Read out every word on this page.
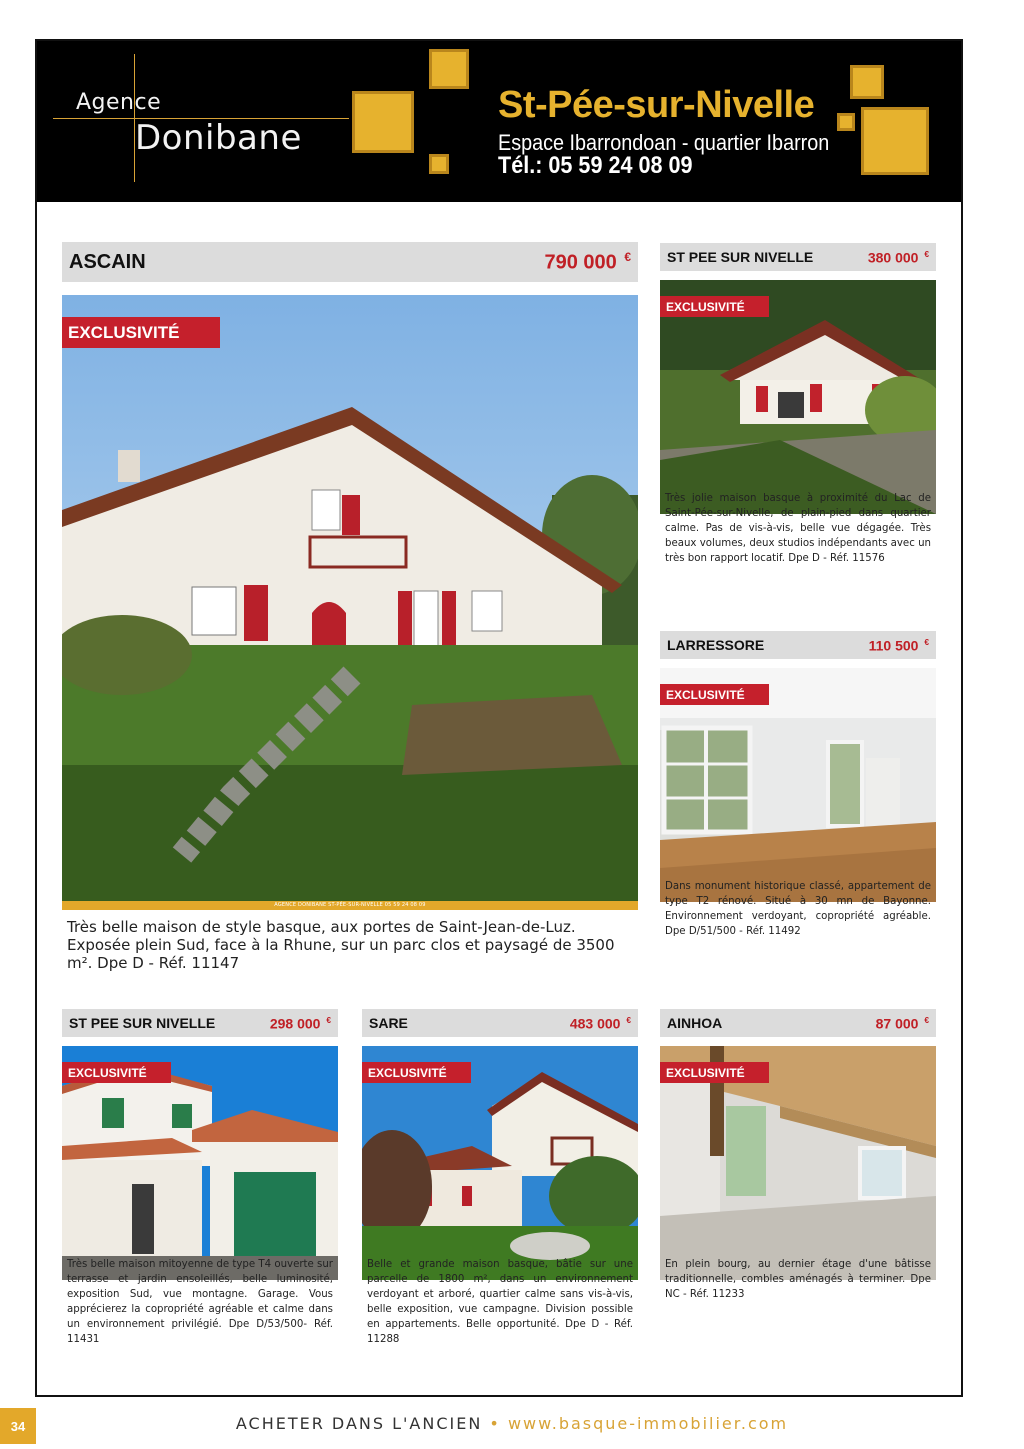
Agence
Donibane
St-Pée-sur-Nivelle
Espace Ibarrondoan - quartier Ibarron
Tél.: 05 59 24 08 09
ASCAIN	790 000 €
EXCLUSIVITÉ
AGENCE DONIBANE ST-PÉE-SUR-NIVELLE 05 59 24 08 09
Très belle maison de style basque, aux portes de Saint-Jean-de-Luz. Exposée plein Sud, face à la Rhune, sur un parc clos et paysagé de 3500 m². Dpe D - Réf. 11147
ST PEE SUR NIVELLE	380 000 €
EXCLUSIVITÉ
Très jolie maison basque à proximité du Lac de Saint-Pée-sur-Nivelle, de plain-pied dans quartier calme. Pas de vis-à-vis, belle vue dégagée. Très beaux volumes, deux studios indépendants avec un très bon rapport locatif. Dpe D - Réf. 11576
LARRESSORE	110 500 €
EXCLUSIVITÉ
Dans monument historique classé, appartement de type T2 rénové. Situé à 30 mn de Bayonne. Environnement verdoyant, copropriété agréable. Dpe D/51/500 - Réf. 11492
ST PEE SUR NIVELLE	298 000 €
EXCLUSIVITÉ
Très belle maison mitoyenne de type T4 ouverte sur terrasse et jardin ensoleillés, belle luminosité, exposition Sud, vue montagne. Garage. Vous apprécierez la copropriété agréable et calme dans un environnement privilégié. Dpe D/53/500- Réf. 11431
SARE	483 000 €
EXCLUSIVITÉ
Belle et grande maison basque, bâtie sur une parcelle de 1800 m², dans un environnement verdoyant et arboré, quartier calme sans vis-à-vis, belle exposition, vue campagne. Division possible en appartements. Belle opportunité. Dpe D - Réf. 11288
AINHOA	87 000 €
EXCLUSIVITÉ
En plein bourg, au dernier étage d'une bâtisse traditionnelle, combles aménagés à terminer. Dpe NC - Réf. 11233
34	ACHETER DANS L'ANCIEN • www.basque-immobilier.com
